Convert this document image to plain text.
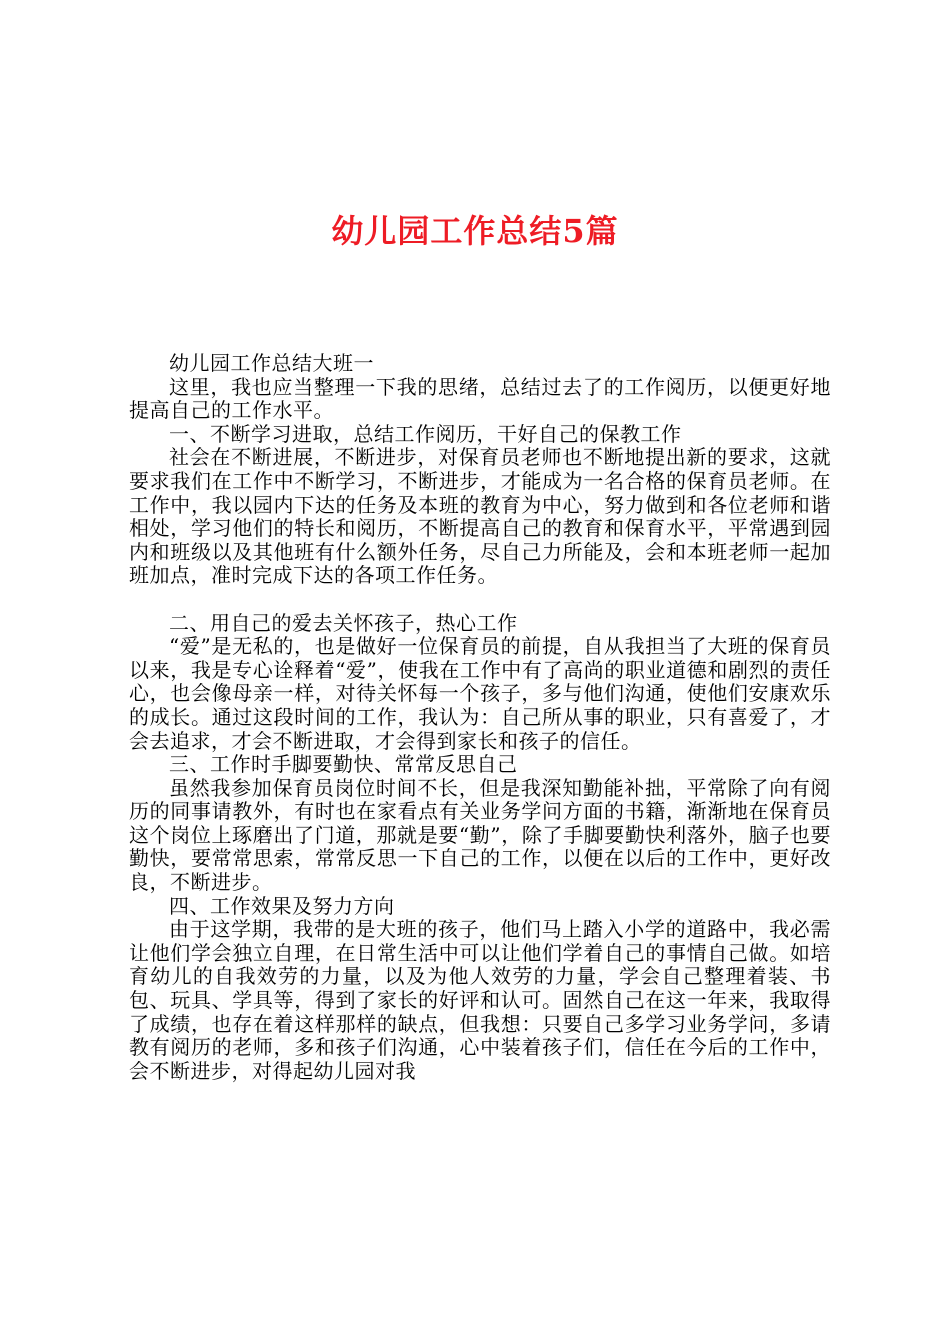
幼儿园工作总结5篇

幼儿园工作总结大班一

这里，我也应当整理一下我的思绪，总结过去了的工作阅历，以便更好地提高自己的工作水平。

一、不断学习进取，总结工作阅历，干好自己的保教工作

社会在不断进展，不断进步，对保育员老师也不断地提出新的要求，这就要求我们在工作中不断学习，不断进步，才能成为一名合格的保育员老师。在工作中，我以园内下达的任务及本班的教育为中心，努力做到和各位老师和谐相处，学习他们的特长和阅历，不断提高自己的教育和保育水平，平常遇到园内和班级以及其他班有什么额外任务，尽自己力所能及，会和本班老师一起加班加点，准时完成下达的各项工作任务。

二、用自己的爱去关怀孩子，热心工作

“爱”是无私的，也是做好一位保育员的前提，自从我担当了大班的保育员以来，我是专心诠释着“爱”，使我在工作中有了高尚的职业道德和剧烈的责任心，也会像母亲一样，对待关怀每一个孩子，多与他们沟通，使他们安康欢乐的成长。通过这段时间的工作，我认为：自己所从事的职业，只有喜爱了，才会去追求，才会不断进取，才会得到家长和孩子的信任。

三、工作时手脚要勤快、常常反思自己

虽然我参加保育员岗位时间不长，但是我深知勤能补拙，平常除了向有阅历的同事请教外，有时也在家看点有关业务学问方面的书籍，渐渐地在保育员这个岗位上琢磨出了门道，那就是要“勤”，除了手脚要勤快利落外，脑子也要勤快，要常常思索，常常反思一下自己的工作，以便在以后的工作中，更好改良，不断进步。

四、工作效果及努力方向

由于这学期，我带的是大班的孩子，他们马上踏入小学的道路中，我必需让他们学会独立自理，在日常生活中可以让他们学着自己的事情自己做。如培育幼儿的自我效劳的力量，以及为他人效劳的力量，学会自己整理着装、书包、玩具、学具等，得到了家长的好评和认可。固然自己在这一年来，我取得了成绩，也存在着这样那样的缺点，但我想：只要自己多学习业务学问，多请教有阅历的老师，多和孩子们沟通，心中装着孩子们，信任在今后的工作中，会不断进步，对得起幼儿园对我
